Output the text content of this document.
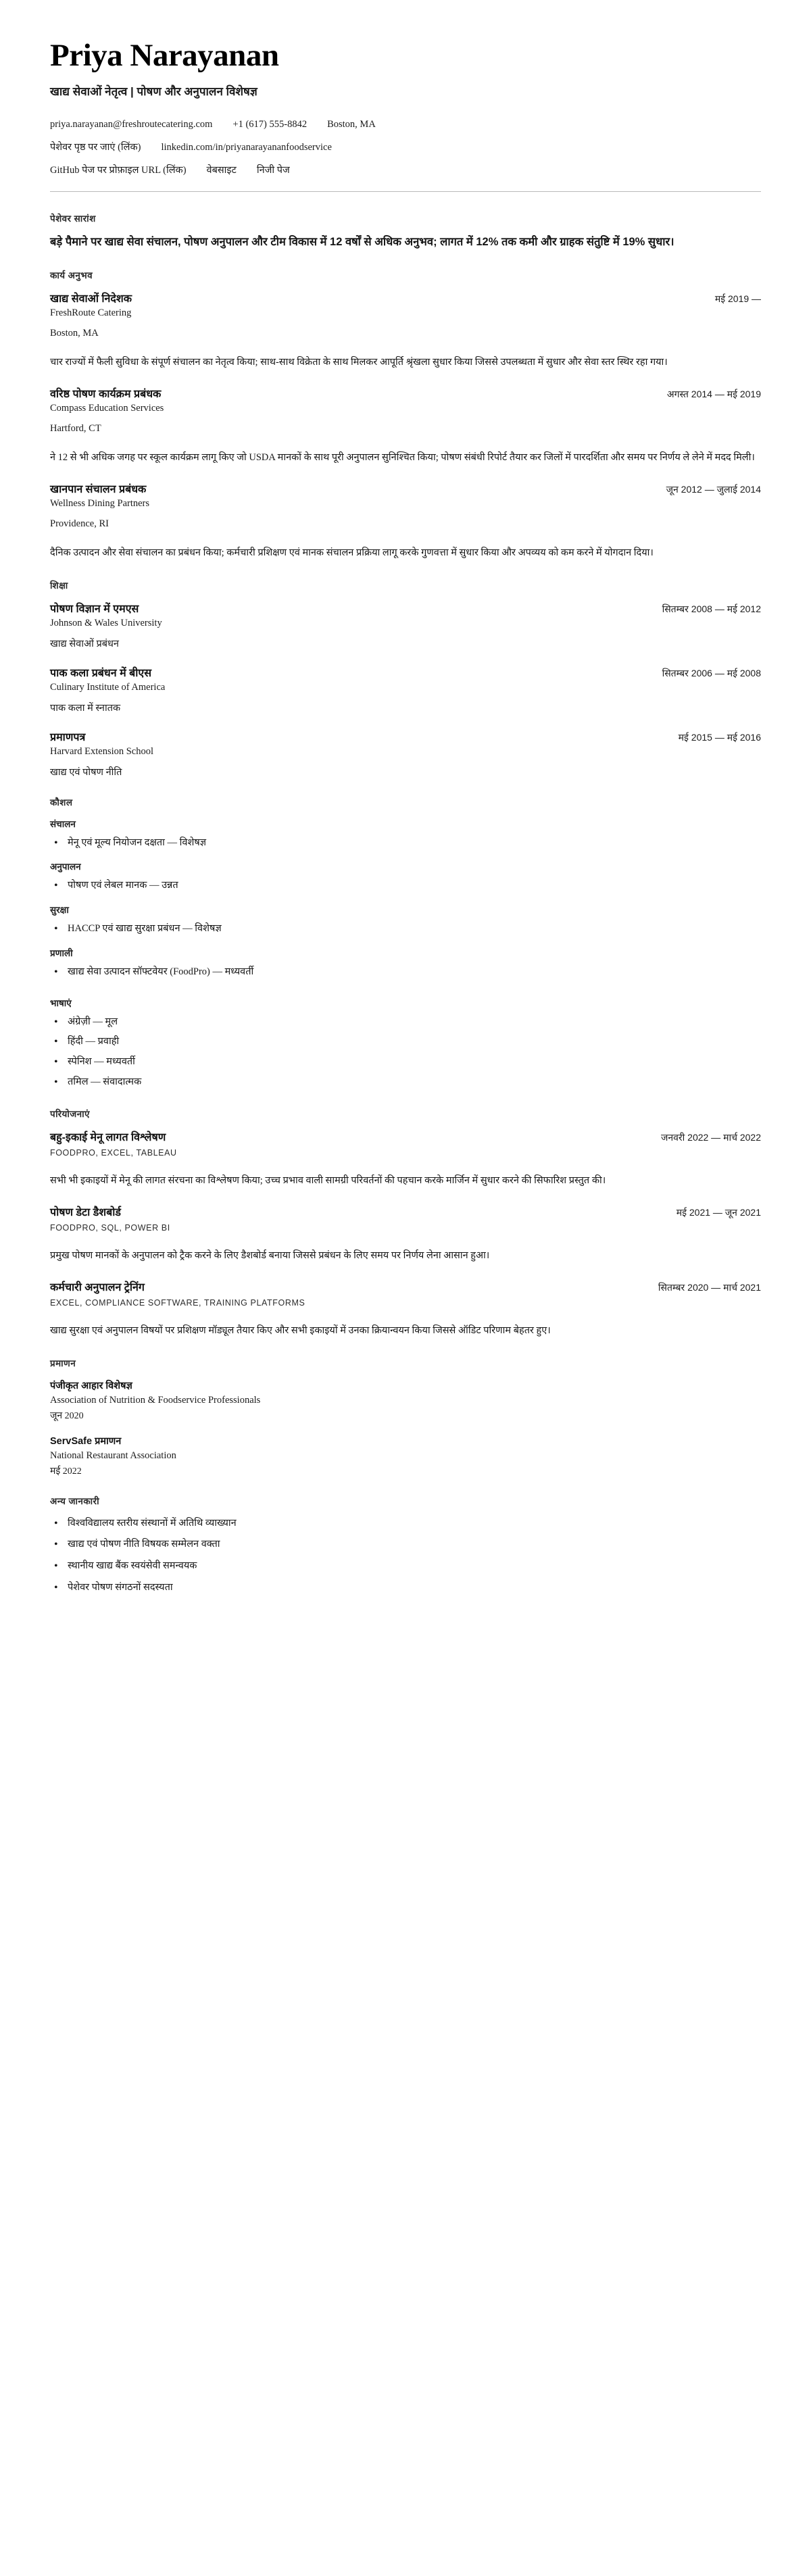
Priya Narayanan
खाद्य सेवाओं नेतृत्व | पोषण और अनुपालन विशेषज्ञ
priya.narayanan@freshroutecatering.com +1 (617) 555-8842 Boston, MA
पेशेवर पृष्ठ पर जाएं (लिंक) linkedin.com/in/priyanarayananfoodservice
GitHub पेज पर प्रोफ़ाइल URL (लिंक) वेबसाइट निजी पेज
पेशेवर सारांश

बड़े पैमाने पर खाद्य सेवा संचालन, पोषण अनुपालन और टीम विकास में 12 वर्षों से अधिक अनुभव; लागत में 12% तक कमी और ग्राहक संतुष्टि में 19% सुधार।

कार्य अनुभव
खाद्य सेवाओं निदेशक	मई 2019 —
FreshRoute Catering
Boston, MA
चार राज्यों में फैली सुविधा के संपूर्ण संचालन का नेतृत्व किया; साथ-साथ विक्रेता के साथ मिलकर आपूर्ति श्रृंखला सुधार किया जिससे उपलब्धता में सुधार और सेवा स्तर स्थिर रहा गया।
वरिष्ठ पोषण कार्यक्रम प्रबंधक	अगस्त 2014 — मई 2019
Compass Education Services
Hartford, CT
ने 12 से भी अधिक जगह पर स्कूल कार्यक्रम लागू किए जो USDA मानकों के साथ पूरी अनुपालन सुनिश्चित किया; पोषण संबंधी रिपोर्ट तैयार कर जिलों में पारदर्शिता और समय पर निर्णय ले लेने में मदद मिली।
खानपान संचालन प्रबंधक	जून 2012 — जुलाई 2014
Wellness Dining Partners
Providence, RI
दैनिक उत्पादन और सेवा संचालन का प्रबंधन किया; कर्मचारी प्रशिक्षण एवं मानक संचालन प्रक्रिया लागू करके गुणवत्ता में सुधार किया और अपव्यय को कम करने में योगदान दिया।
शिक्षा
पोषण विज्ञान में एमएस	सितम्बर 2008 — मई 2012
Johnson & Wales University
खाद्य सेवाओं प्रबंधन
पाक कला प्रबंधन में बीएस	सितम्बर 2006 — मई 2008
Culinary Institute of America
पाक कला में स्नातक
प्रमाणपत्र	मई 2015 — मई 2016
Harvard Extension School
खाद्य एवं पोषण नीति
कौशल
संचालन
• मेनू एवं मूल्य नियोजन दक्षता — विशेषज्ञ
अनुपालन
• पोषण एवं लेबल मानक — उन्नत
सुरक्षा
• HACCP एवं खाद्य सुरक्षा प्रबंधन — विशेषज्ञ
प्रणाली
• खाद्य सेवा उत्पादन सॉफ्टवेयर (FoodPro) — मध्यवर्ती
भाषाएं
• अंग्रेज़ी — मूल
• हिंदी — प्रवाही
• स्पेनिश — मध्यवर्ती
• तमिल — संवादात्मक
परियोजनाएं
बहु-इकाई मेनू लागत विश्लेषण	जनवरी 2022 — मार्च 2022
FOODPRO, EXCEL, TABLEAU
सभी भी इकाइयों में मेनू की लागत संरचना का विश्लेषण किया; उच्च प्रभाव वाली सामग्री परिवर्तनों की पहचान करके मार्जिन में सुधार करने की सिफारिश प्रस्तुत की।
पोषण डेटा डैशबोर्ड	मई 2021 — जून 2021
FOODPRO, SQL, POWER BI
प्रमुख पोषण मानकों के अनुपालन को ट्रैक करने के लिए डैशबोर्ड बनाया जिससे प्रबंधन के लिए समय पर निर्णय लेना आसान हुआ।
कर्मचारी अनुपालन ट्रेनिंग	सितम्बर 2020 — मार्च 2021
EXCEL, COMPLIANCE SOFTWARE, TRAINING PLATFORMS
खाद्य सुरक्षा एवं अनुपालन विषयों पर प्रशिक्षण मॉड्यूल तैयार किए और सभी इकाइयों में उनका क्रियान्वयन किया जिससे ऑडिट परिणाम बेहतर हुए।
प्रमाणन
पंजीकृत आहार विशेषज्ञ
Association of Nutrition & Foodservice Professionals
जून 2020
ServSafe प्रमाणन
National Restaurant Association
मई 2022
अन्य जानकारी
• विश्वविद्यालय स्तरीय संस्थानों में अतिथि व्याख्यान
• खाद्य एवं पोषण नीति विषयक सम्मेलन वक्ता
• स्थानीय खाद्य बैंक स्वयंसेवी समन्वयक
• पेशेवर पोषण संगठनों सदस्यता
